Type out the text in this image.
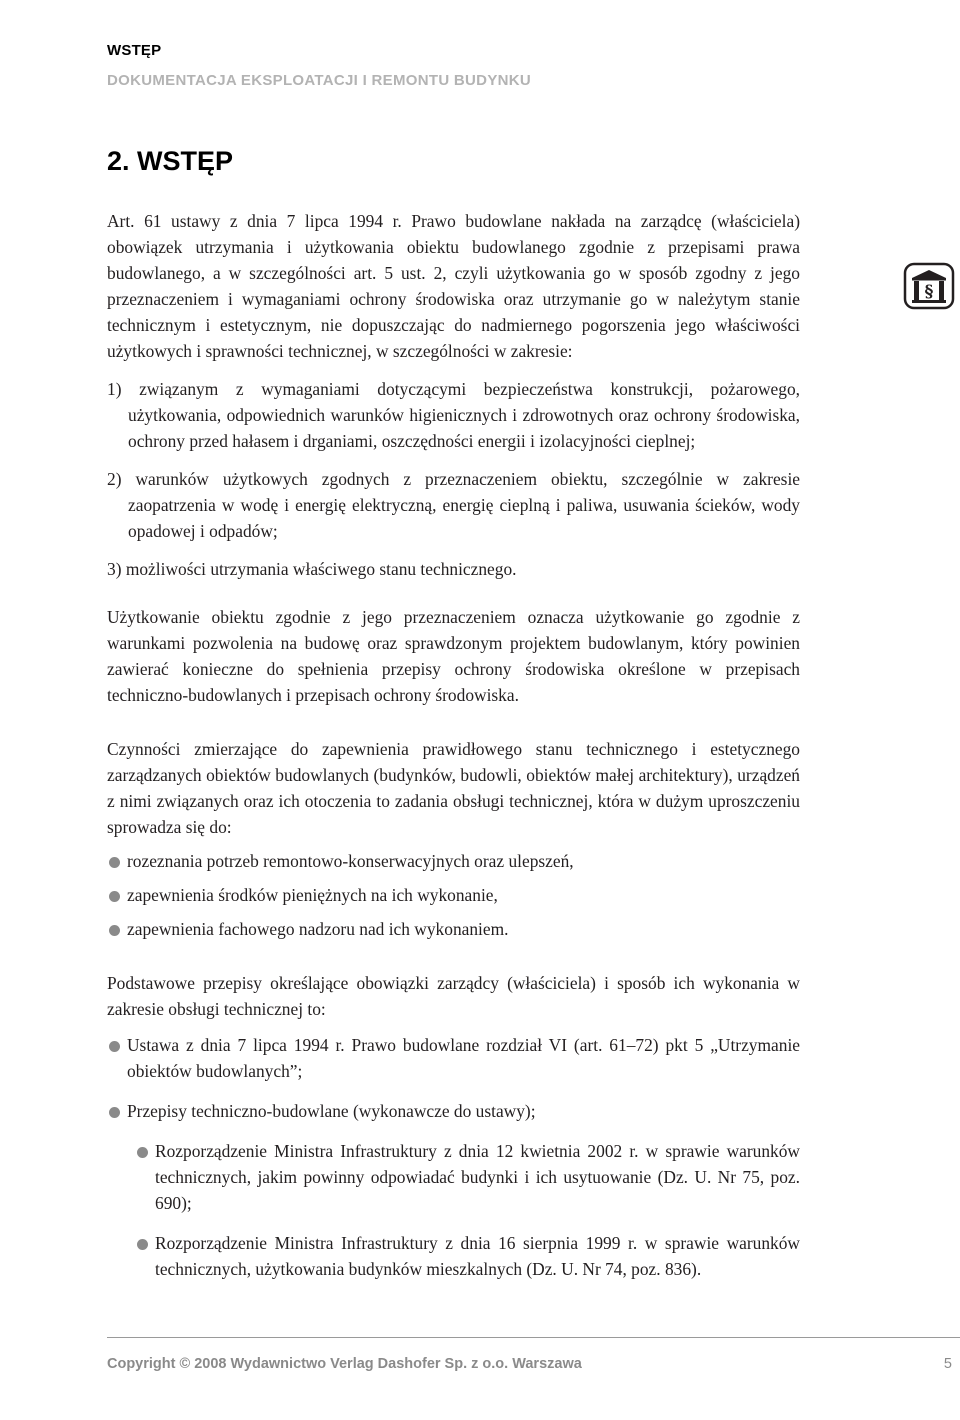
WSTĘP
DOKUMENTACJA EKSPLOATACJI I REMONTU BUDYNKU
2. WSTĘP
§

Art. 61 ustawy z dnia 7 lipca 1994 r. Prawo budowlane nakłada na zarządcę (właściciela) obowiązek utrzymania i użytkowania obiektu budowlanego zgodnie z przepisami prawa budowlanego, a w szczególności art. 5 ust. 2, czyli użytkowania go w sposób zgodny z jego przeznaczeniem i wymaganiami ochrony środowiska oraz utrzymanie go w należytym stanie technicznym i estetycznym, nie dopuszczając do nadmiernego pogorszenia jego właściwości użytkowych i sprawności technicznej, w szczególności w zakresie:

1) związanym z wymaganiami dotyczącymi bezpieczeństwa konstrukcji, pożarowego, użytkowania, odpowiednich warunków higienicznych i zdrowotnych oraz ochrony środowiska, ochrony przed hałasem i drganiami, oszczędności energii i izolacyjności cieplnej;
2) warunków użytkowych zgodnych z przeznaczeniem obiektu, szczególnie w zakresie zaopatrzenia w wodę i energię elektryczną, energię cieplną i paliwa, usuwania ścieków, wody opadowej i odpadów;
3) możliwości utrzymania właściwego stanu technicznego.

Użytkowanie obiektu zgodnie z jego przeznaczeniem oznacza użytkowanie go zgodnie z warunkami pozwolenia na budowę oraz sprawdzonym projektem budowlanym, który powinien zawierać konieczne do spełnienia przepisy ochrony środowiska określone w przepisach techniczno-budowlanych i przepisach ochrony środowiska.

Czynności zmierzające do zapewnienia prawidłowego stanu technicznego i estetycznego zarządzanych obiektów budowlanych (budynków, budowli, obiektów małej architektury), urządzeń z nimi związanych oraz ich otoczenia to zadania obsługi technicznej, która w dużym uproszczeniu sprowadza się do:

rozeznania potrzeb remontowo-konserwacyjnych oraz ulepszeń,
zapewnienia środków pieniężnych na ich wykonanie,
zapewnienia fachowego nadzoru nad ich wykonaniem.

Podstawowe przepisy określające obowiązki zarządcy (właściciela) i sposób ich wykonania w zakresie obsługi technicznej to:

Ustawa z dnia 7 lipca 1994 r. Prawo budowlane rozdział VI (art. 61–72) pkt 5 „Utrzymanie obiektów budowlanych”;
Przepisy techniczno-budowlane (wykonawcze do ustawy);
Rozporządzenie Ministra Infrastruktury z dnia 12 kwietnia 2002 r. w sprawie warunków technicznych, jakim powinny odpowiadać budynki i ich usytuowanie (Dz. U. Nr 75, poz. 690);
Rozporządzenie Ministra Infrastruktury z dnia 16 sierpnia 1999 r. w sprawie warunków technicznych, użytkowania budynków mieszkalnych (Dz. U. Nr 74, poz. 836).
Copyright © 2008 Wydawnictwo Verlag Dashofer Sp. z o.o. Warszawa	5
